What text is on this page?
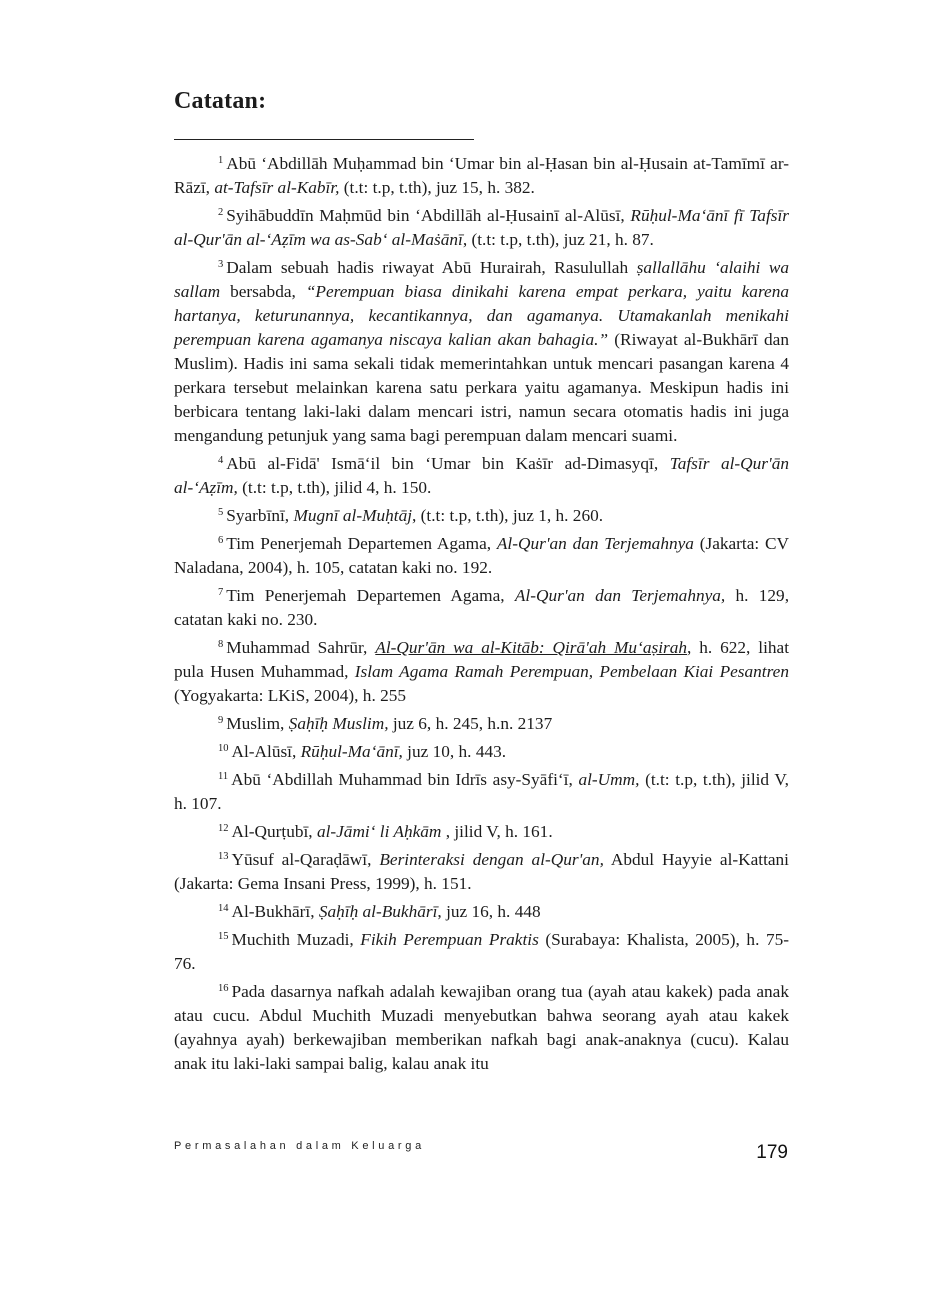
Catatan:

$^1$ Abū ‘Abdillāh Muḥammad bin ‘Umar bin al-Ḥasan bin al-Ḥusain at-Tamīmī ar-Rāzī, at-Tafsīr al-Kabīr, (t.t: t.p, t.th), juz 15, h. 382.

$^2$ Syihābuddīn Maḥmūd bin ‘Abdillāh al-Ḥusainī al-Alūsī, Rūḥul-Ma‘ānī fī Tafsīr al-Qur'ān al-‘Aẓīm wa as-Sab‘ al-Maṡānī, (t.t: t.p, t.th), juz 21, h. 87.

$^3$ Dalam sebuah hadis riwayat Abū Hurairah, Rasulullah ṣallallāhu ‘alaihi wa sallam bersabda, “Perempuan biasa dinikahi karena empat perkara, yaitu karena hartanya, keturunannya, kecantikannya, dan agamanya. Utamakanlah menikahi perempuan karena agamanya niscaya kalian akan bahagia.” (Riwayat al-Bukhārī dan Muslim). Hadis ini sama sekali tidak memerintahkan untuk mencari pasangan karena 4 perkara tersebut melainkan karena satu perkara yaitu agamanya. Meskipun hadis ini berbicara tentang laki-laki dalam mencari istri, namun secara otomatis hadis ini juga mengandung petunjuk yang sama bagi perempuan dalam mencari suami.

$^4$ Abū al-Fidā' Ismā‘il bin ‘Umar bin Kaṡīr ad-Dimasyqī, Tafsīr al-Qur'ān al-‘Aẓīm, (t.t: t.p, t.th), jilid 4, h. 150.

$^5$ Syarbīnī, Mugnī al-Muḥtāj, (t.t: t.p, t.th), juz 1, h. 260.

$^6$ Tim Penerjemah Departemen Agama, Al-Qur'an dan Terjemahnya (Jakarta: CV Naladana, 2004), h. 105, catatan kaki no. 192.

$^7$ Tim Penerjemah Departemen Agama, Al-Qur'an dan Terjemahnya, h. 129, catatan kaki no. 230.

$^8$ Muhammad Sahrūr, Al-Qur'ān wa al-Kitāb: Qirā'ah Mu‘aṣirah, h. 622, lihat pula Husen Muhammad, Islam Agama Ramah Perempuan, Pembelaan Kiai Pesantren (Yogyakarta: LKiS, 2004), h. 255

$^9$ Muslim, Ṣaḥīḥ Muslim, juz 6, h. 245, h.n. 2137

$^{10}$ Al-Alūsī, Rūḥul-Ma‘ānī, juz 10, h. 443.

$^{11}$ Abū ‘Abdillah Muhammad bin Idrīs asy-Syāfi‘ī, al-Umm, (t.t: t.p, t.th), jilid V, h. 107.

$^{12}$ Al-Qurṭubī, al-Jāmi‘ li Aḥkām , jilid V, h. 161.

$^{13}$ Yūsuf al-Qaraḍāwī, Berinteraksi dengan al-Qur'an, Abdul Hayyie al-Kattani (Jakarta: Gema Insani Press, 1999), h. 151.

$^{14}$ Al-Bukhārī, Ṣaḥīḥ al-Bukhārī, juz 16, h. 448

$^{15}$ Muchith Muzadi, Fikih Perempuan Praktis (Surabaya: Khalista, 2005), h. 75-76.

$^{16}$ Pada dasarnya nafkah adalah kewajiban orang tua (ayah atau kakek) pada anak atau cucu. Abdul Muchith Muzadi menyebutkan bahwa seorang ayah atau kakek (ayahnya ayah) berkewajiban memberikan nafkah bagi anak-anaknya (cucu). Kalau anak itu laki-laki sampai balig, kalau anak itu

Permasalahan dalam Keluarga	179
